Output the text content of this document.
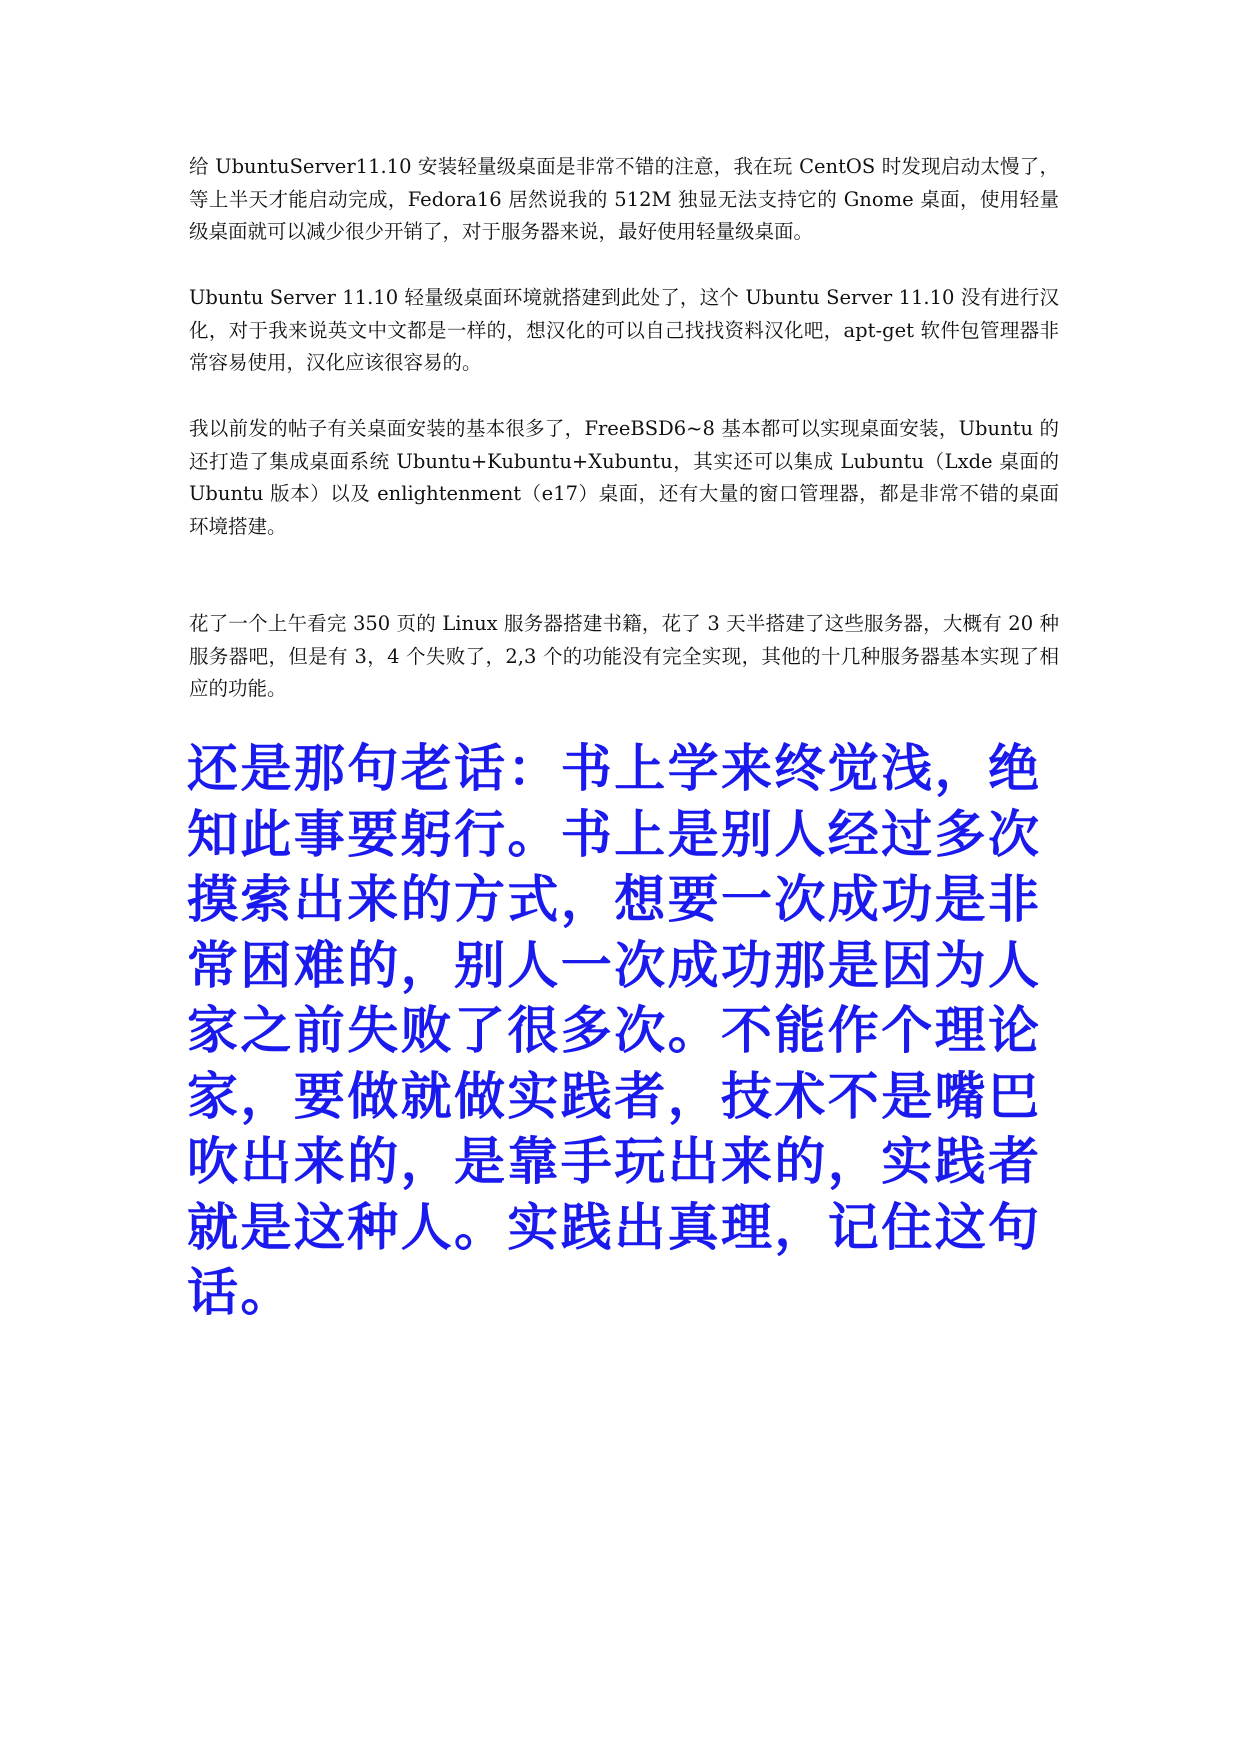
给 UbuntuServer11.10 安装轻量级桌面是非常不错的注意，我在玩 CentOS 时发现启动太慢了，等上半天才能启动完成，Fedora16 居然说我的 512M 独显无法支持它的 Gnome 桌面，使用轻量级桌面就可以减少很少开销了，对于服务器来说，最好使用轻量级桌面。

Ubuntu Server 11.10 轻量级桌面环境就搭建到此处了，这个 Ubuntu Server 11.10 没有进行汉化，对于我来说英文中文都是一样的，想汉化的可以自己找找资料汉化吧，apt-get 软件包管理器非常容易使用，汉化应该很容易的。

我以前发的帖子有关桌面安装的基本很多了，FreeBSD6~8 基本都可以实现桌面安装，Ubuntu 的还打造了集成桌面系统 Ubuntu+Kubuntu+Xubuntu，其实还可以集成 Lubuntu（Lxde 桌面的 Ubuntu 版本）以及 enlightenment（e17）桌面，还有大量的窗口管理器，都是非常不错的桌面环境搭建。

花了一个上午看完 350 页的 Linux 服务器搭建书籍，花了 3 天半搭建了这些服务器，大概有 20 种服务器吧，但是有 3，4 个失败了，2,3 个的功能没有完全实现，其他的十几种服务器基本实现了相应的功能。

还是那句老话：书上学来终觉浅，绝知此事要躬行。书上是别人经过多次摸索出来的方式，想要一次成功是非常困难的，别人一次成功那是因为人家之前失败了很多次。不能作个理论家，要做就做实践者，技术不是嘴巴吹出来的，是靠手玩出来的，实践者就是这种人。实践出真理，记住这句话。
